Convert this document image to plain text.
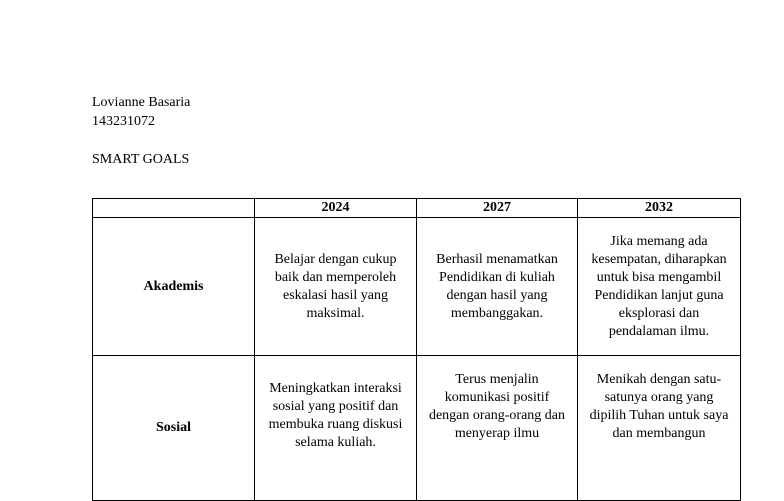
Lovianne Basaria
143231072
SMART GOALS
	2024	2027	2032
Akademis	Belajar dengan cukup baik dan memperoleh eskalasi hasil yang maksimal.	Berhasil menamatkan Pendidikan di kuliah dengan hasil yang membanggakan.	Jika memang ada kesempatan, diharapkan untuk bisa mengambil Pendidikan lanjut guna eksplorasi dan pendalaman ilmu.
Sosial	Meningkatkan interaksi sosial yang positif dan membuka ruang diskusi selama kuliah.	Terus menjalin komunikasi positif dengan orang-orang dan menyerap ilmu	Menikah dengan satu-satunya orang yang dipilih Tuhan untuk saya dan membangun
